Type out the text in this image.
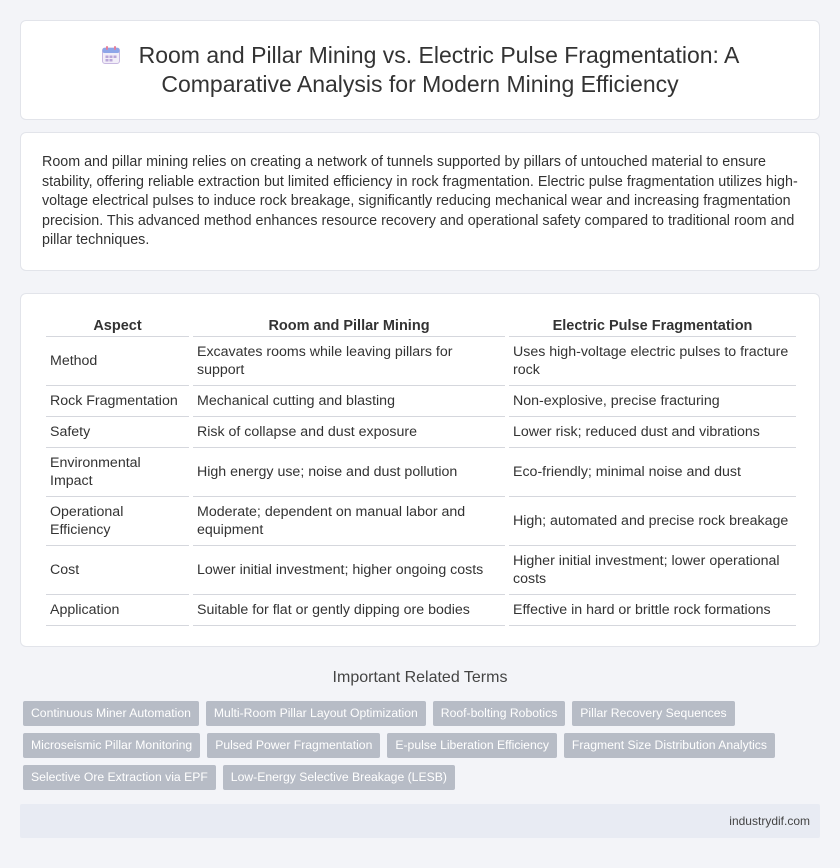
Room and Pillar Mining vs. Electric Pulse Fragmentation: A Comparative Analysis for Modern Mining Efficiency

Room and pillar mining relies on creating a network of tunnels supported by pillars of untouched material to ensure stability, offering reliable extraction but limited efficiency in rock fragmentation. Electric pulse fragmentation utilizes high-voltage electrical pulses to induce rock breakage, significantly reducing mechanical wear and increasing fragmentation precision. This advanced method enhances resource recovery and operational safety compared to traditional room and pillar techniques.

Aspect	Room and Pillar Mining	Electric Pulse Fragmentation
Method	Excavates rooms while leaving pillars for support	Uses high-voltage electric pulses to fracture rock
Rock Fragmentation	Mechanical cutting and blasting	Non-explosive, precise fracturing
Safety	Risk of collapse and dust exposure	Lower risk; reduced dust and vibrations
Environmental Impact	High energy use; noise and dust pollution	Eco-friendly; minimal noise and dust
Operational Efficiency	Moderate; dependent on manual labor and equipment	High; automated and precise rock breakage
Cost	Lower initial investment; higher ongoing costs	Higher initial investment; lower operational costs
Application	Suitable for flat or gently dipping ore bodies	Effective in hard or brittle rock formations
Important Related Terms
Continuous Miner Automation	Multi-Room Pillar Layout Optimization	Roof-bolting Robotics	Pillar Recovery Sequences
Microseismic Pillar Monitoring	Pulsed Power Fragmentation	E-pulse Liberation Efficiency	Fragment Size Distribution Analytics
Selective Ore Extraction via EPF	Low-Energy Selective Breakage (LESB)
industrydif.com
